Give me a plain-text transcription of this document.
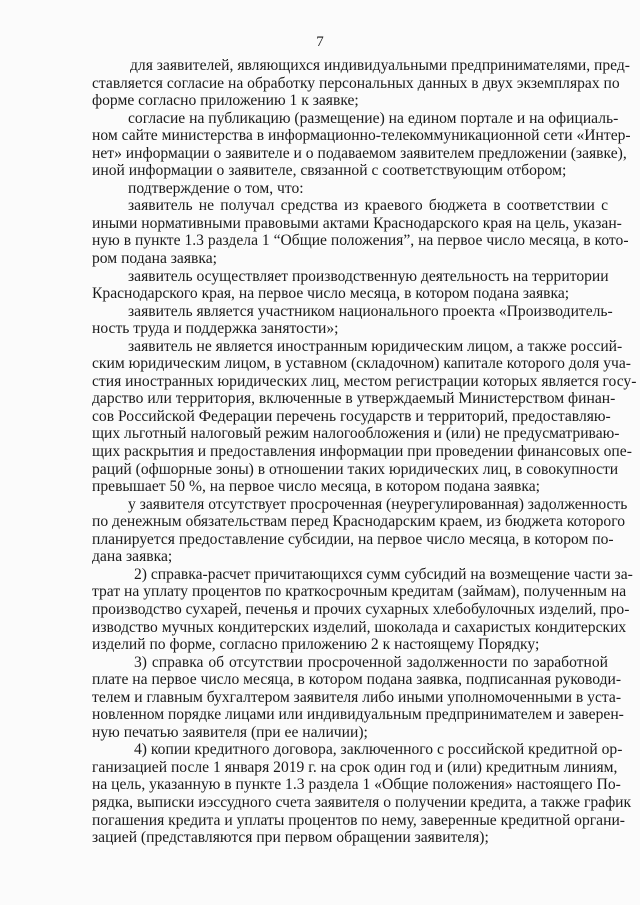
7
для заявителей, являющихся индивидуальными предпринимателями, пред-
ставляется согласие на обработку персональных данных в двух экземплярах по
форме согласно приложению 1 к заявке;
согласие на публикацию (размещение) на едином портале и на официаль-
ном сайте министерства в информационно-телекоммуникационной сети «Интер-
нет» информации о заявителе и о подаваемом заявителем предложении (заявке),
иной информации о заявителе, связанной с соответствующим отбором;
подтверждение о том, что:
заявитель не получал средства из краевого бюджета в соответствии с
иными нормативными правовыми актами Краснодарского края на цель, указан-
ную в пункте 1.3 раздела 1 “Общие положения”, на первое число месяца, в кото-
ром подана заявка;
заявитель осуществляет производственную деятельность на территории
Краснодарского края, на первое число месяца, в котором подана заявка;
заявитель является участником национального проекта «Производитель-
ность труда и поддержка занятости»;
заявитель не является иностранным юридическим лицом, а также россий-
ским юридическим лицом, в уставном (складочном) капитале которого доля уча-
стия иностранных юридических лиц, местом регистрации которых является госу-
дарство или территория, включенные в утверждаемый Министерством финан-
сов Российской Федерации перечень государств и территорий, предоставляю-
щих льготный налоговый режим налогообложения и (или) не предусматриваю-
щих раскрытия и предоставления информации при проведении финансовых опе-
раций (офшорные зоны) в отношении таких юридических лиц, в совокупности
превышает 50 %, на первое число месяца, в котором подана заявка;
у заявителя отсутствует просроченная (неурегулированная) задолженность
по денежным обязательствам перед Краснодарским краем, из бюджета которого
планируется предоставление субсидии, на первое число месяца, в котором по-
дана заявка;
2) справка-расчет причитающихся сумм субсидий на возмещение части за-
трат на уплату процентов по краткосрочным кредитам (займам), полученным на
производство сухарей, печенья и прочих сухарных хлебобулочных изделий, про-
изводство мучных кондитерских изделий, шоколада и сахаристых кондитерских
изделий по форме, согласно приложению 2 к настоящему Порядку;
3) справка об отсутствии просроченной задолженности по заработной
плате на первое число месяца, в котором подана заявка, подписанная руководи-
телем и главным бухгалтером заявителя либо иными уполномоченными в уста-
новленном порядке лицами или индивидуальным предпринимателем и заверен-
ную печатью заявителя (при ее наличии);
4) копии кредитного договора, заключенного с российской кредитной ор-
ганизацией после 1 января 2019 г. на срок один год и (или) кредитным линиям,
на цель, указанную в пункте 1.3 раздела 1 «Общие положения» настоящего По-
рядка, выписки иэссудного счета заявителя о получении кредита, а также график
погашения кредита и уплаты процентов по нему, заверенные кредитной органи-
зацией (представляются при первом обращении заявителя);
